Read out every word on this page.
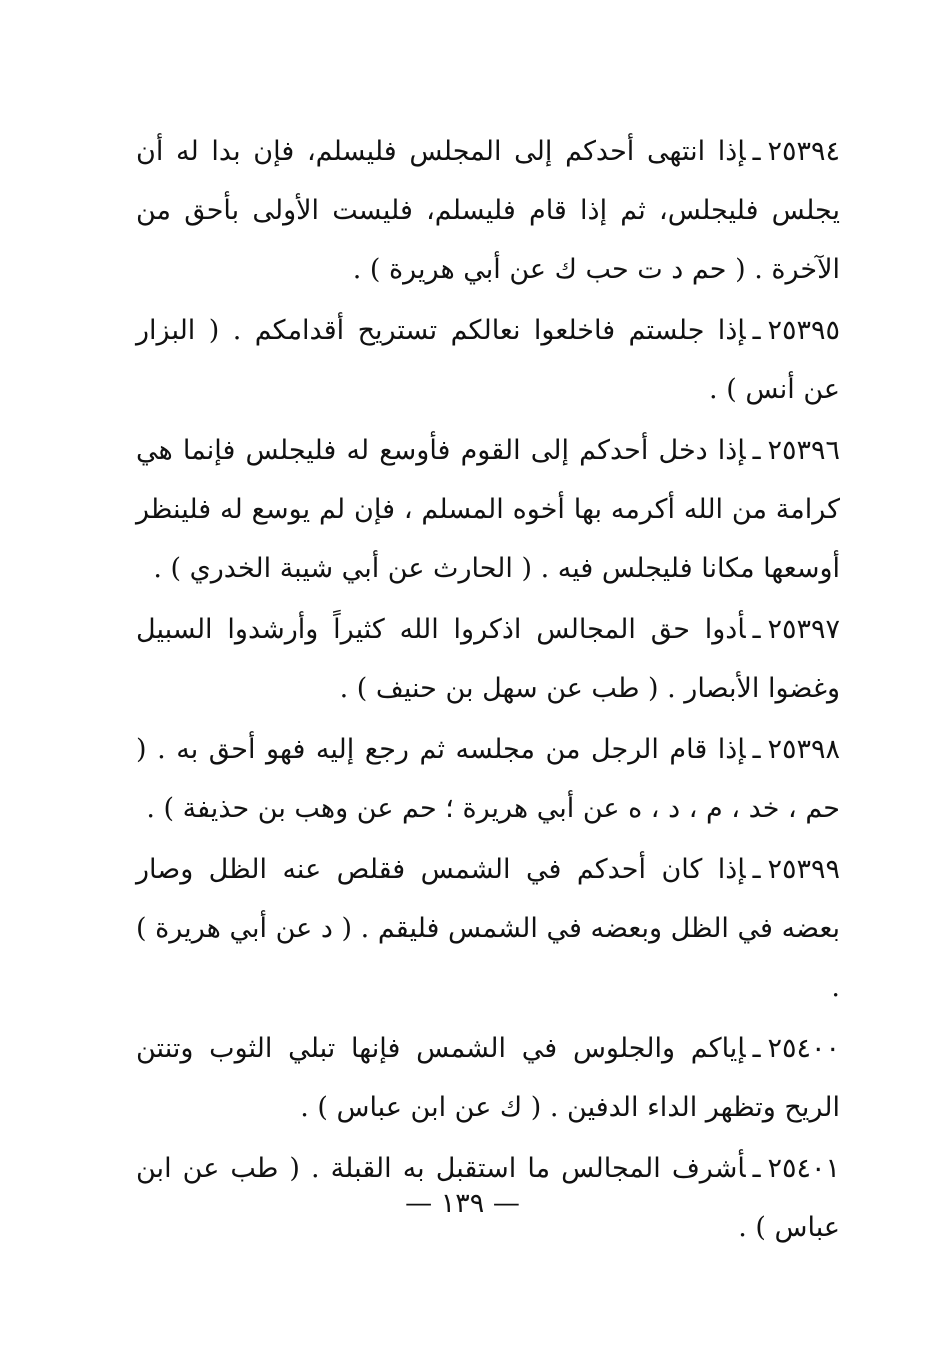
٢٥٣٩٤ـإذا انتهى أحدكم إلى المجلس فليسلم، فإن بدا له أن يجلس فليجلس، ثم إذا قام فليسلم، فليست الأولى بأحق من الآخرة . ( حم د ت حب ك عن أبي هريرة ) .

٢٥٣٩٥ـإذا جلستم فاخلعوا نعالكم تستريح أقدامكم . ( البزار عن أنس ) .

٢٥٣٩٦ـإذا دخل أحدكم إلى القوم فأوسع له فليجلس فإنما هي كرامة من الله أكرمه بها أخوه المسلم ، فإن لم يوسع له فلينظر أوسعها مكانا فليجلس فيه . ( الحارث عن أبي شيبة الخدري ) .

٢٥٣٩٧ـأدوا حق المجالس اذكروا الله كثيراً وأرشدوا السبيل وغضوا الأبصار . ( طب عن سهل بن حنيف ) .

٢٥٣٩٨ـإذا قام الرجل من مجلسه ثم رجع إليه فهو أحق به . ( حم ، خد ، م ، د ، ه عن أبي هريرة ؛ حم عن وهب بن حذيفة ) .

٢٥٣٩٩ـإذا كان أحدكم في الشمس فقلص عنه الظل وصار بعضه في الظل وبعضه في الشمس فليقم . ( د عن أبي هريرة ) .

٢٥٤٠٠ـإياكم والجلوس في الشمس فإنها تبلي الثوب وتنتن الريح وتظهر الداء الدفين . ( ك عن ابن عباس ) .

٢٥٤٠١ـأشرف المجالس ما استقبل به القبلة . ( طب عن ابن عباس ) .

— ١٣٩ —
